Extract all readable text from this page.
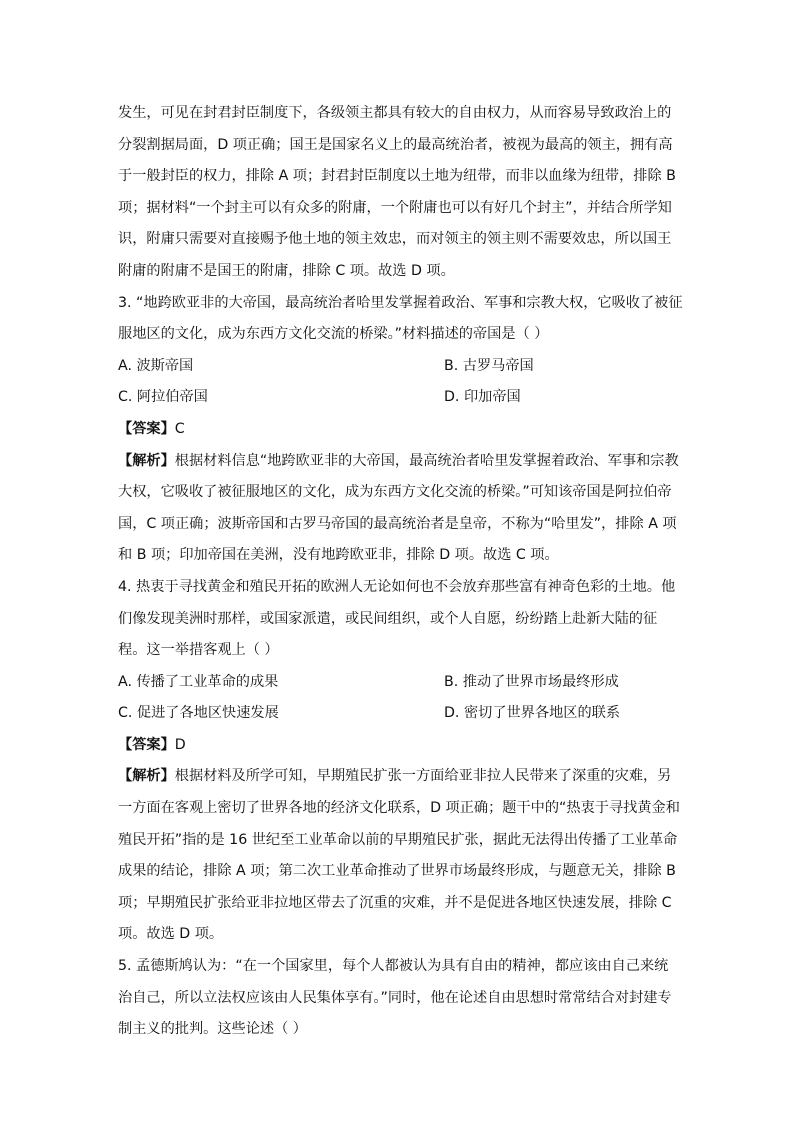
发生，可见在封君封臣制度下，各级领主都具有较大的自由权力，从而容易导致政治上的
分裂割据局面，D 项正确；国王是国家名义上的最高统治者，被视为最高的领主，拥有高
于一般封臣的权力，排除 A 项；封君封臣制度以土地为纽带，而非以血缘为纽带，排除 B
项；据材料“一个封主可以有众多的附庸，一个附庸也可以有好几个封主”，并结合所学知
识，附庸只需要对直接赐予他土地的领主效忠，而对领主的领主则不需要效忠，所以国王
附庸的附庸不是国王的附庸，排除 C 项。故选 D 项。
3. “地跨欧亚非的大帝国，最高统治者哈里发掌握着政治、军事和宗教大权，它吸收了被征
服地区的文化，成为东西方文化交流的桥梁。”材料描述的帝国是（ ）
A. 波斯帝国	B. 古罗马帝国
C. 阿拉伯帝国	D. 印加帝国
【答案】C
【解析】根据材料信息“地跨欧亚非的大帝国，最高统治者哈里发掌握着政治、军事和宗教
大权，它吸收了被征服地区的文化，成为东西方文化交流的桥梁。”可知该帝国是阿拉伯帝
国，C 项正确；波斯帝国和古罗马帝国的最高统治者是皇帝，不称为“哈里发”，排除 A 项
和 B 项；印加帝国在美洲，没有地跨欧亚非，排除 D 项。故选 C 项。
4. 热衷于寻找黄金和殖民开拓的欧洲人无论如何也不会放弃那些富有神奇色彩的土地。他
们像发现美洲时那样，或国家派遣，或民间组织，或个人自愿，纷纷踏上赴新大陆的征
程。这一举措客观上（ ）
A. 传播了工业革命的成果	B. 推动了世界市场最终形成
C. 促进了各地区快速发展	D. 密切了世界各地区的联系
【答案】D
【解析】根据材料及所学可知，早期殖民扩张一方面给亚非拉人民带来了深重的灾难，另
一方面在客观上密切了世界各地的经济文化联系，D 项正确；题干中的“热衷于寻找黄金和
殖民开拓”指的是 16 世纪至工业革命以前的早期殖民扩张，据此无法得出传播了工业革命
成果的结论，排除 A 项；第二次工业革命推动了世界市场最终形成，与题意无关，排除 B
项；早期殖民扩张给亚非拉地区带去了沉重的灾难，并不是促进各地区快速发展，排除 C
项。故选 D 项。
5. 孟德斯鸠认为：“在一个国家里，每个人都被认为具有自由的精神，都应该由自己来统
治自己，所以立法权应该由人民集体享有。”同时，他在论述自由思想时常常结合对封建专
制主义的批判。这些论述（ ）
